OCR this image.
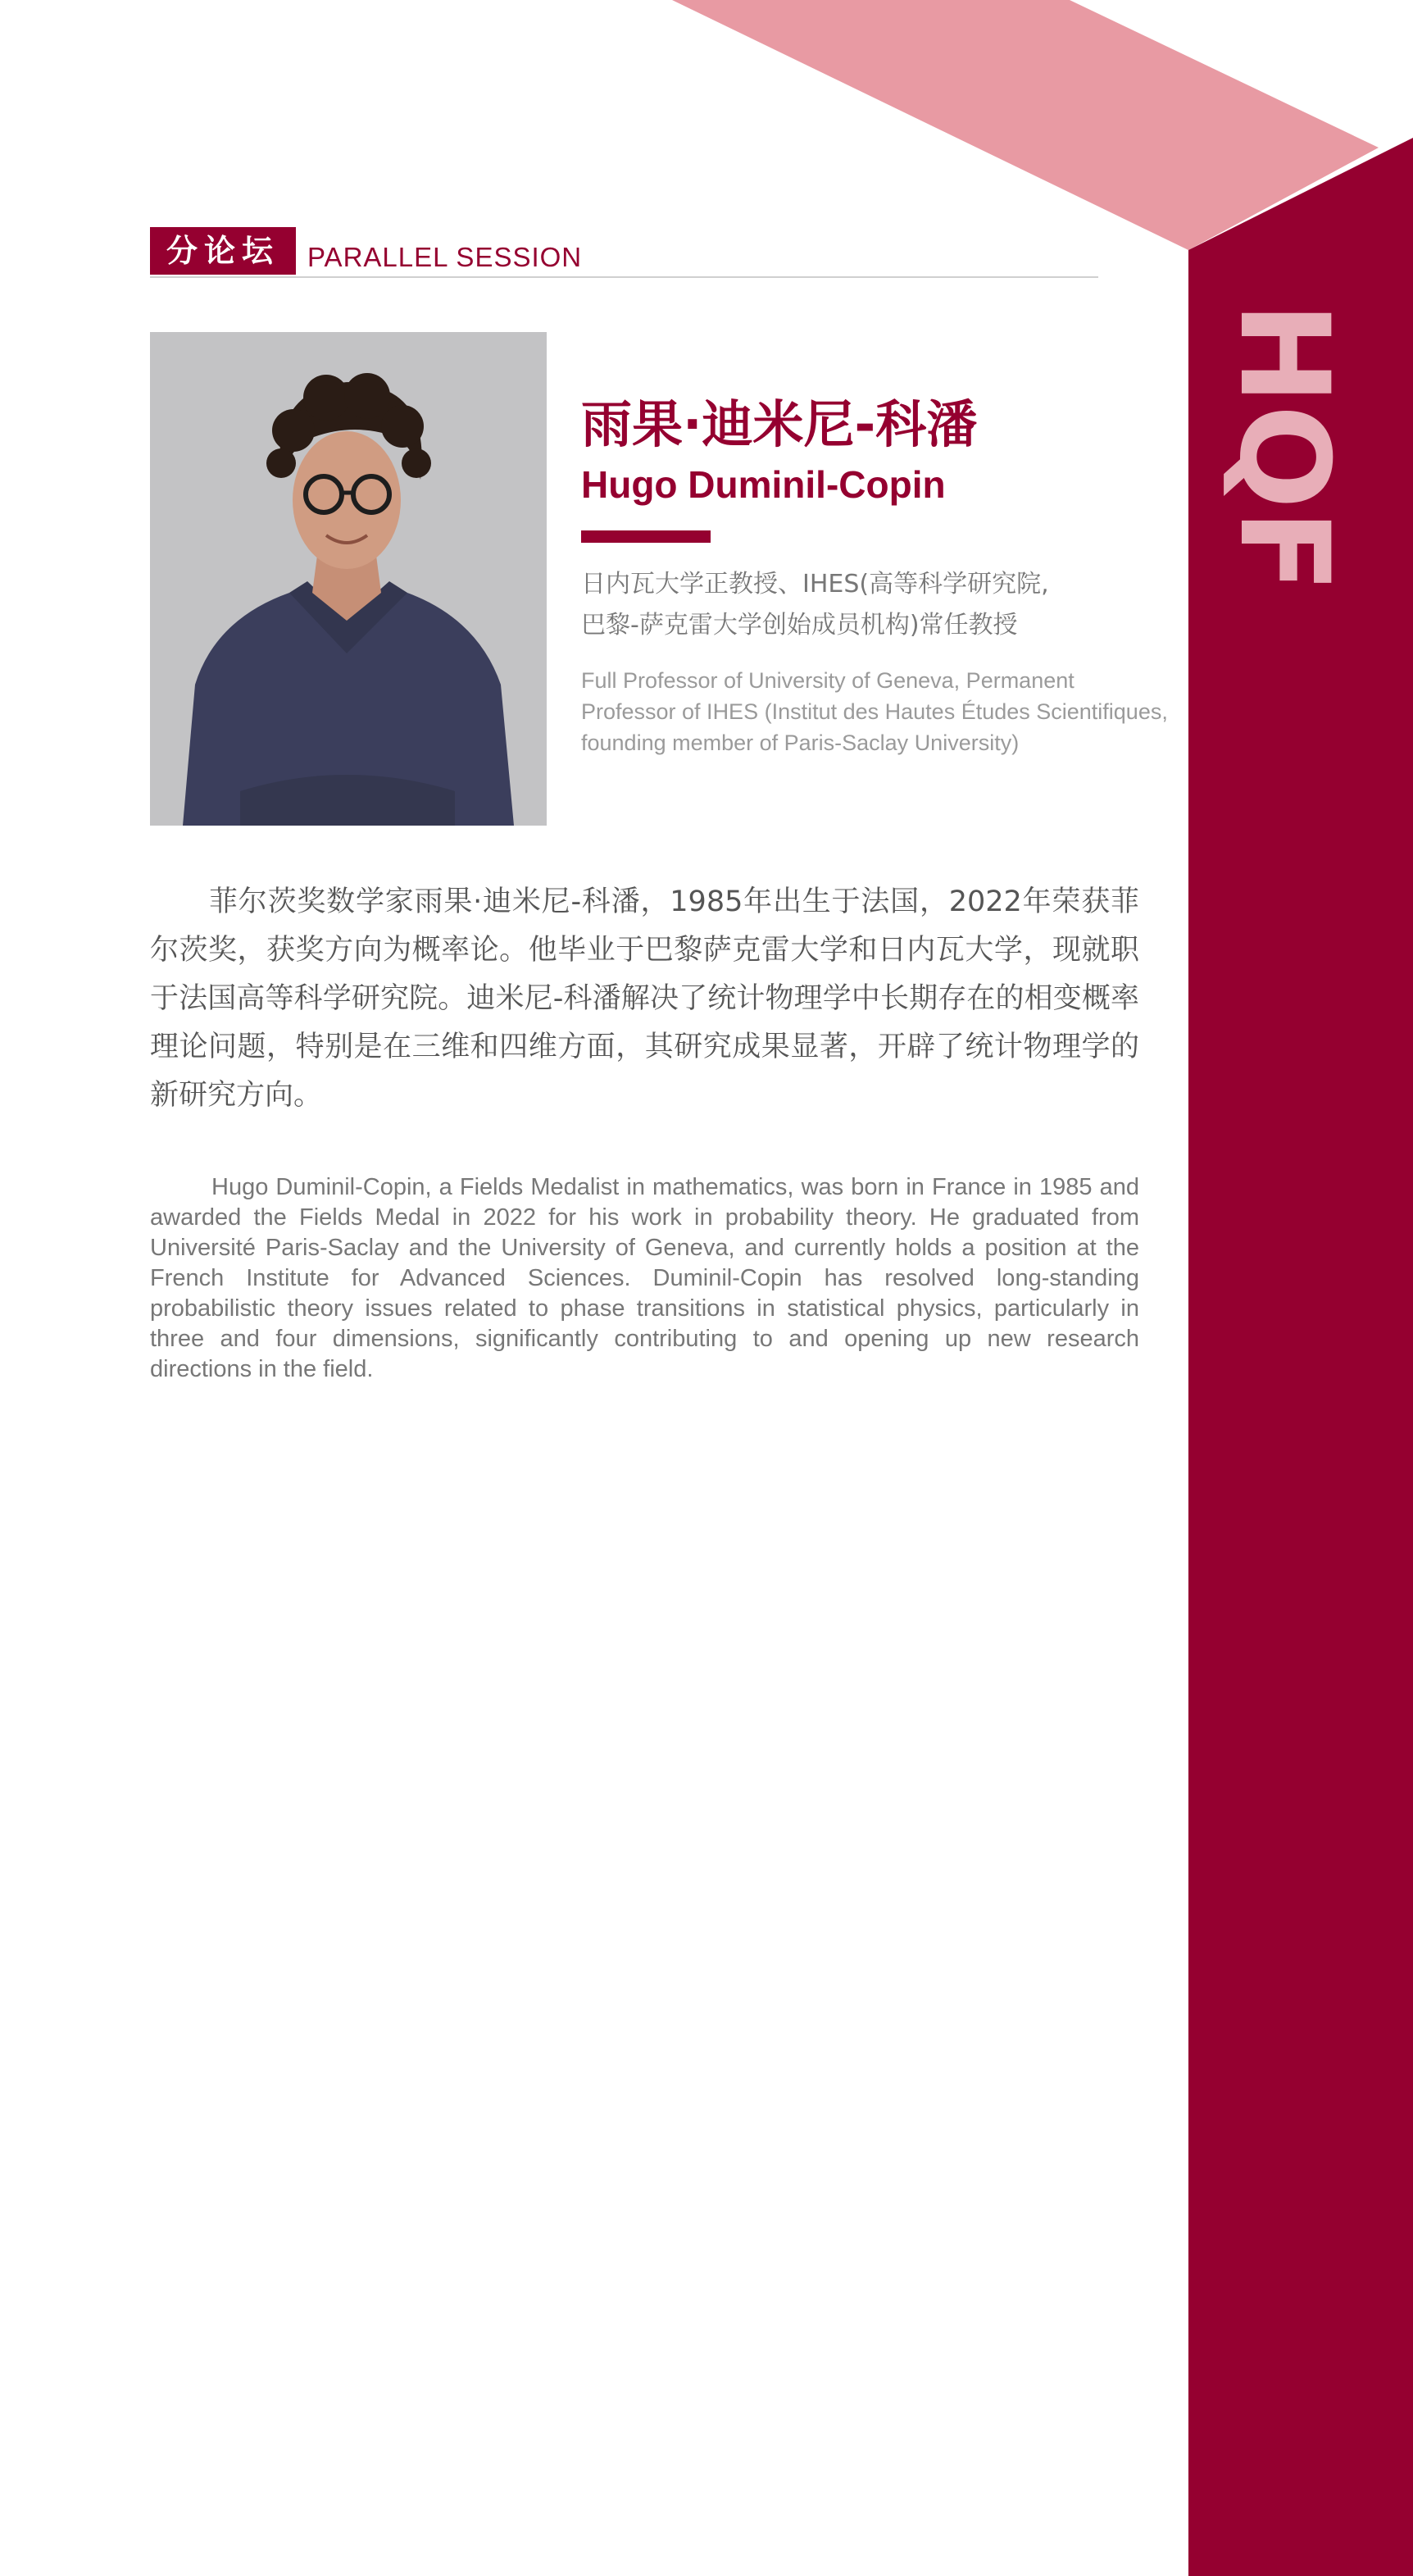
HQF
分论坛	PARALLEL SESSION
雨果·迪米尼-科潘
Hugo Duminil-Copin
日内瓦大学正教授、IHES(高等科学研究院,
巴黎-萨克雷大学创始成员机构)常任教授
Full Professor of University of Geneva, Permanent
Professor of IHES (Institut des Hautes Études Scientifiques,
founding member of Paris-Saclay University)

菲尔茨奖数学家雨果·迪米尼-科潘，1985年出生于法国，2022年荣获菲尔茨奖，获奖方向为概率论。他毕业于巴黎萨克雷大学和日内瓦大学，现就职于法国高等科学研究院。迪米尼-科潘解决了统计物理学中长期存在的相变概率理论问题，特别是在三维和四维方面，其研究成果显著，开辟了统计物理学的新研究方向。

Hugo Duminil-Copin, a Fields Medalist in mathematics, was born in France in 1985 and awarded the Fields Medal in 2022 for his work in probability theory. He graduated from Université Paris-Saclay and the University of Geneva, and currently holds a position at the French Institute for Advanced Sciences. Duminil-Copin has resolved long-standing probabilistic theory issues related to phase transitions in statistical physics, particularly in three and four dimensions, significantly contributing to and opening up new research directions in the field.
